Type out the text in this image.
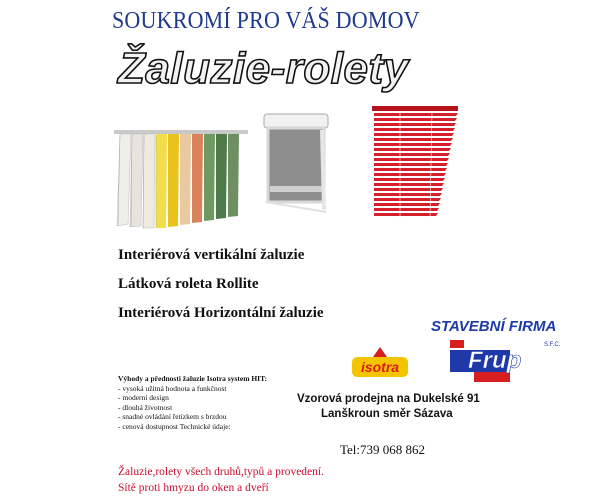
SOUKROMÍ PRO VÁŠ DOMOV
Žaluzie-rolety
Interiérová vertikální žaluzie
Látková roleta Rollite
Interiérová Horizontální žaluzie
Výhody a přednosti žaluzie Isotra system HIT:
- vysoká užitná hodnota a funkčnost
- moderní design
- dlouhá životnost
- snadné ovládání řetízkem s brzdou
- cenová dostupnost Technické údaje:
isotra
STAVEBNÍ FIRMA
Frup
S.F.C.
Vzorová prodejna na Dukelské 91
Lanškroun směr Sázava
Tel:739 068 862
Žaluzie,rolety všech druhů,typů a provedení.
Sítě proti hmyzu do oken a dveří
